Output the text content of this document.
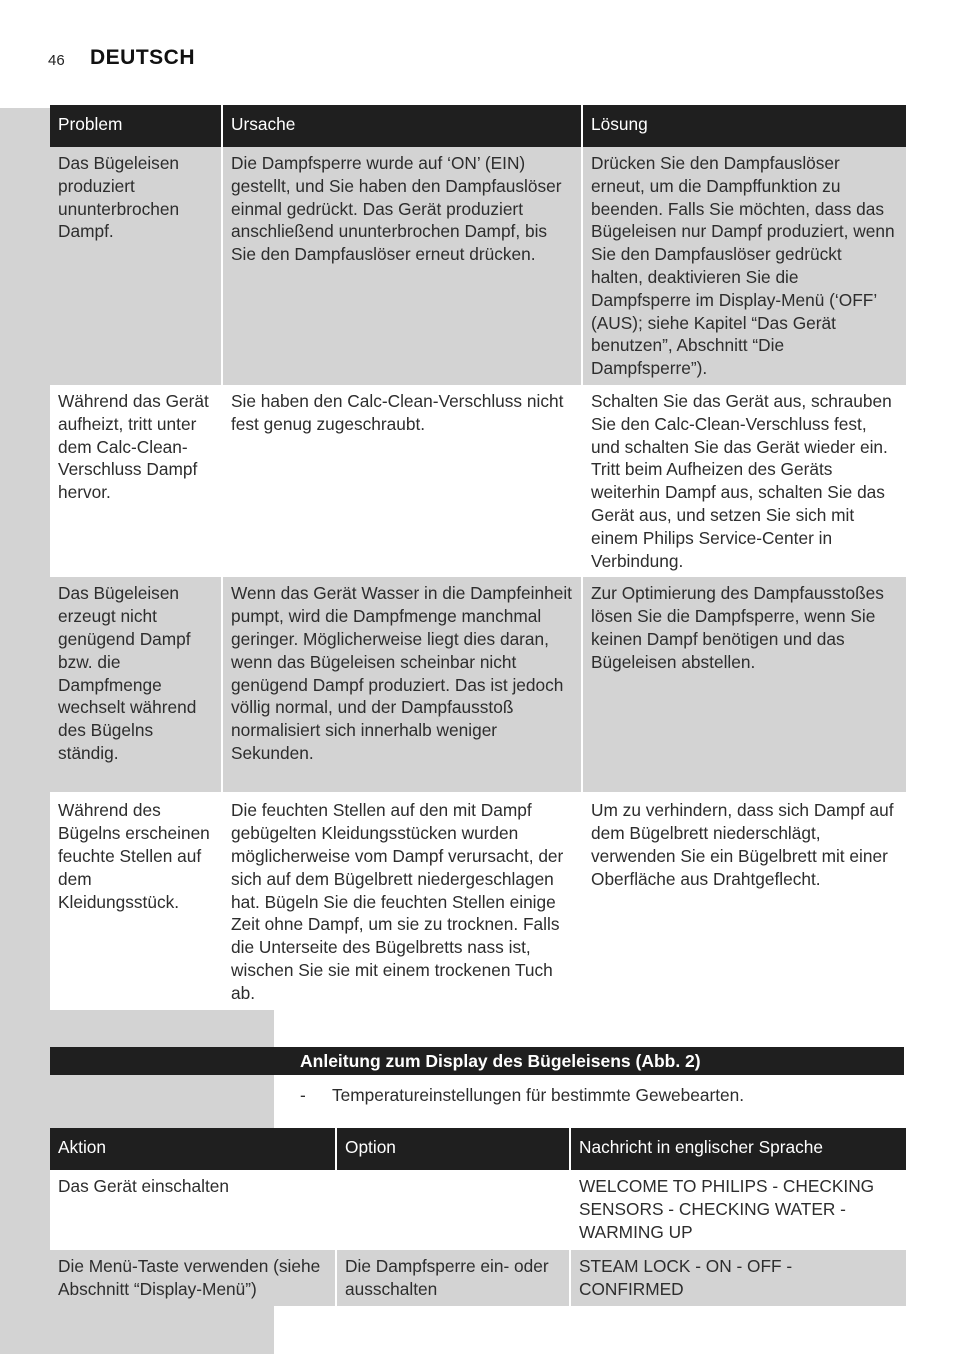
46 DEUTSCH
Problem	Ursache	Lösung
Das Bügeleisen produziert ununterbrochen Dampf.	Die Dampfsperre wurde auf ‘ON’ (EIN) gestellt, und Sie haben den Dampfauslöser einmal gedrückt. Das Gerät produziert anschließend ununterbrochen Dampf, bis Sie den Dampfauslöser erneut drücken.	Drücken Sie den Dampfauslöser erneut, um die Dampffunktion zu beenden. Falls Sie möchten, dass das Bügeleisen nur Dampf produziert, wenn Sie den Dampfauslöser gedrückt halten, deaktivieren Sie die Dampfsperre im Display-Menü (‘OFF’ (AUS); siehe Kapitel “Das Gerät benutzen”, Abschnitt “Die Dampfsperre”).
Während das Gerät aufheizt, tritt unter dem Calc-Clean-Verschluss Dampf hervor.	Sie haben den Calc-Clean-Verschluss nicht fest genug zugeschraubt.	Schalten Sie das Gerät aus, schrauben Sie den Calc-Clean-Verschluss fest, und schalten Sie das Gerät wieder ein. Tritt beim Aufheizen des Geräts weiterhin Dampf aus, schalten Sie das Gerät aus, und setzen Sie sich mit einem Philips Service-Center in Verbindung.
Das Bügeleisen erzeugt nicht genügend Dampf bzw. die Dampfmenge wechselt während des Bügelns ständig.	Wenn das Gerät Wasser in die Dampfeinheit pumpt, wird die Dampfmenge manchmal geringer. Möglicherweise liegt dies daran, wenn das Bügeleisen scheinbar nicht genügend Dampf produziert. Das ist jedoch völlig normal, und der Dampfausstoß normalisiert sich innerhalb weniger Sekunden.	Zur Optimierung des Dampfausstoßes lösen Sie die Dampfsperre, wenn Sie keinen Dampf benötigen und das Bügeleisen abstellen.
Während des Bügelns erscheinen feuchte Stellen auf dem Kleidungsstück.	Die feuchten Stellen auf den mit Dampf gebügelten Kleidungsstücken wurden möglicherweise vom Dampf verursacht, der sich auf dem Bügelbrett niedergeschlagen hat. Bügeln Sie die feuchten Stellen einige Zeit ohne Dampf, um sie zu trocknen. Falls die Unterseite des Bügelbretts nass ist, wischen Sie sie mit einem trockenen Tuch ab.	Um zu verhindern, dass sich Dampf auf dem Bügelbrett niederschlägt, verwenden Sie ein Bügelbrett mit einer Oberfläche aus Drahtgeflecht.
Anleitung zum Display des Bügeleisens (Abb. 2)
- Temperatureinstellungen für bestimmte Gewebearten.
Aktion	Option	Nachricht in englischer Sprache
Das Gerät einschalten		WELCOME TO PHILIPS - CHECKING SENSORS - CHECKING WATER - WARMING UP
Die Menü-Taste verwenden (siehe Abschnitt “Display-Menü”)	Die Dampfsperre ein- oder ausschalten	STEAM LOCK - ON - OFF - CONFIRMED
